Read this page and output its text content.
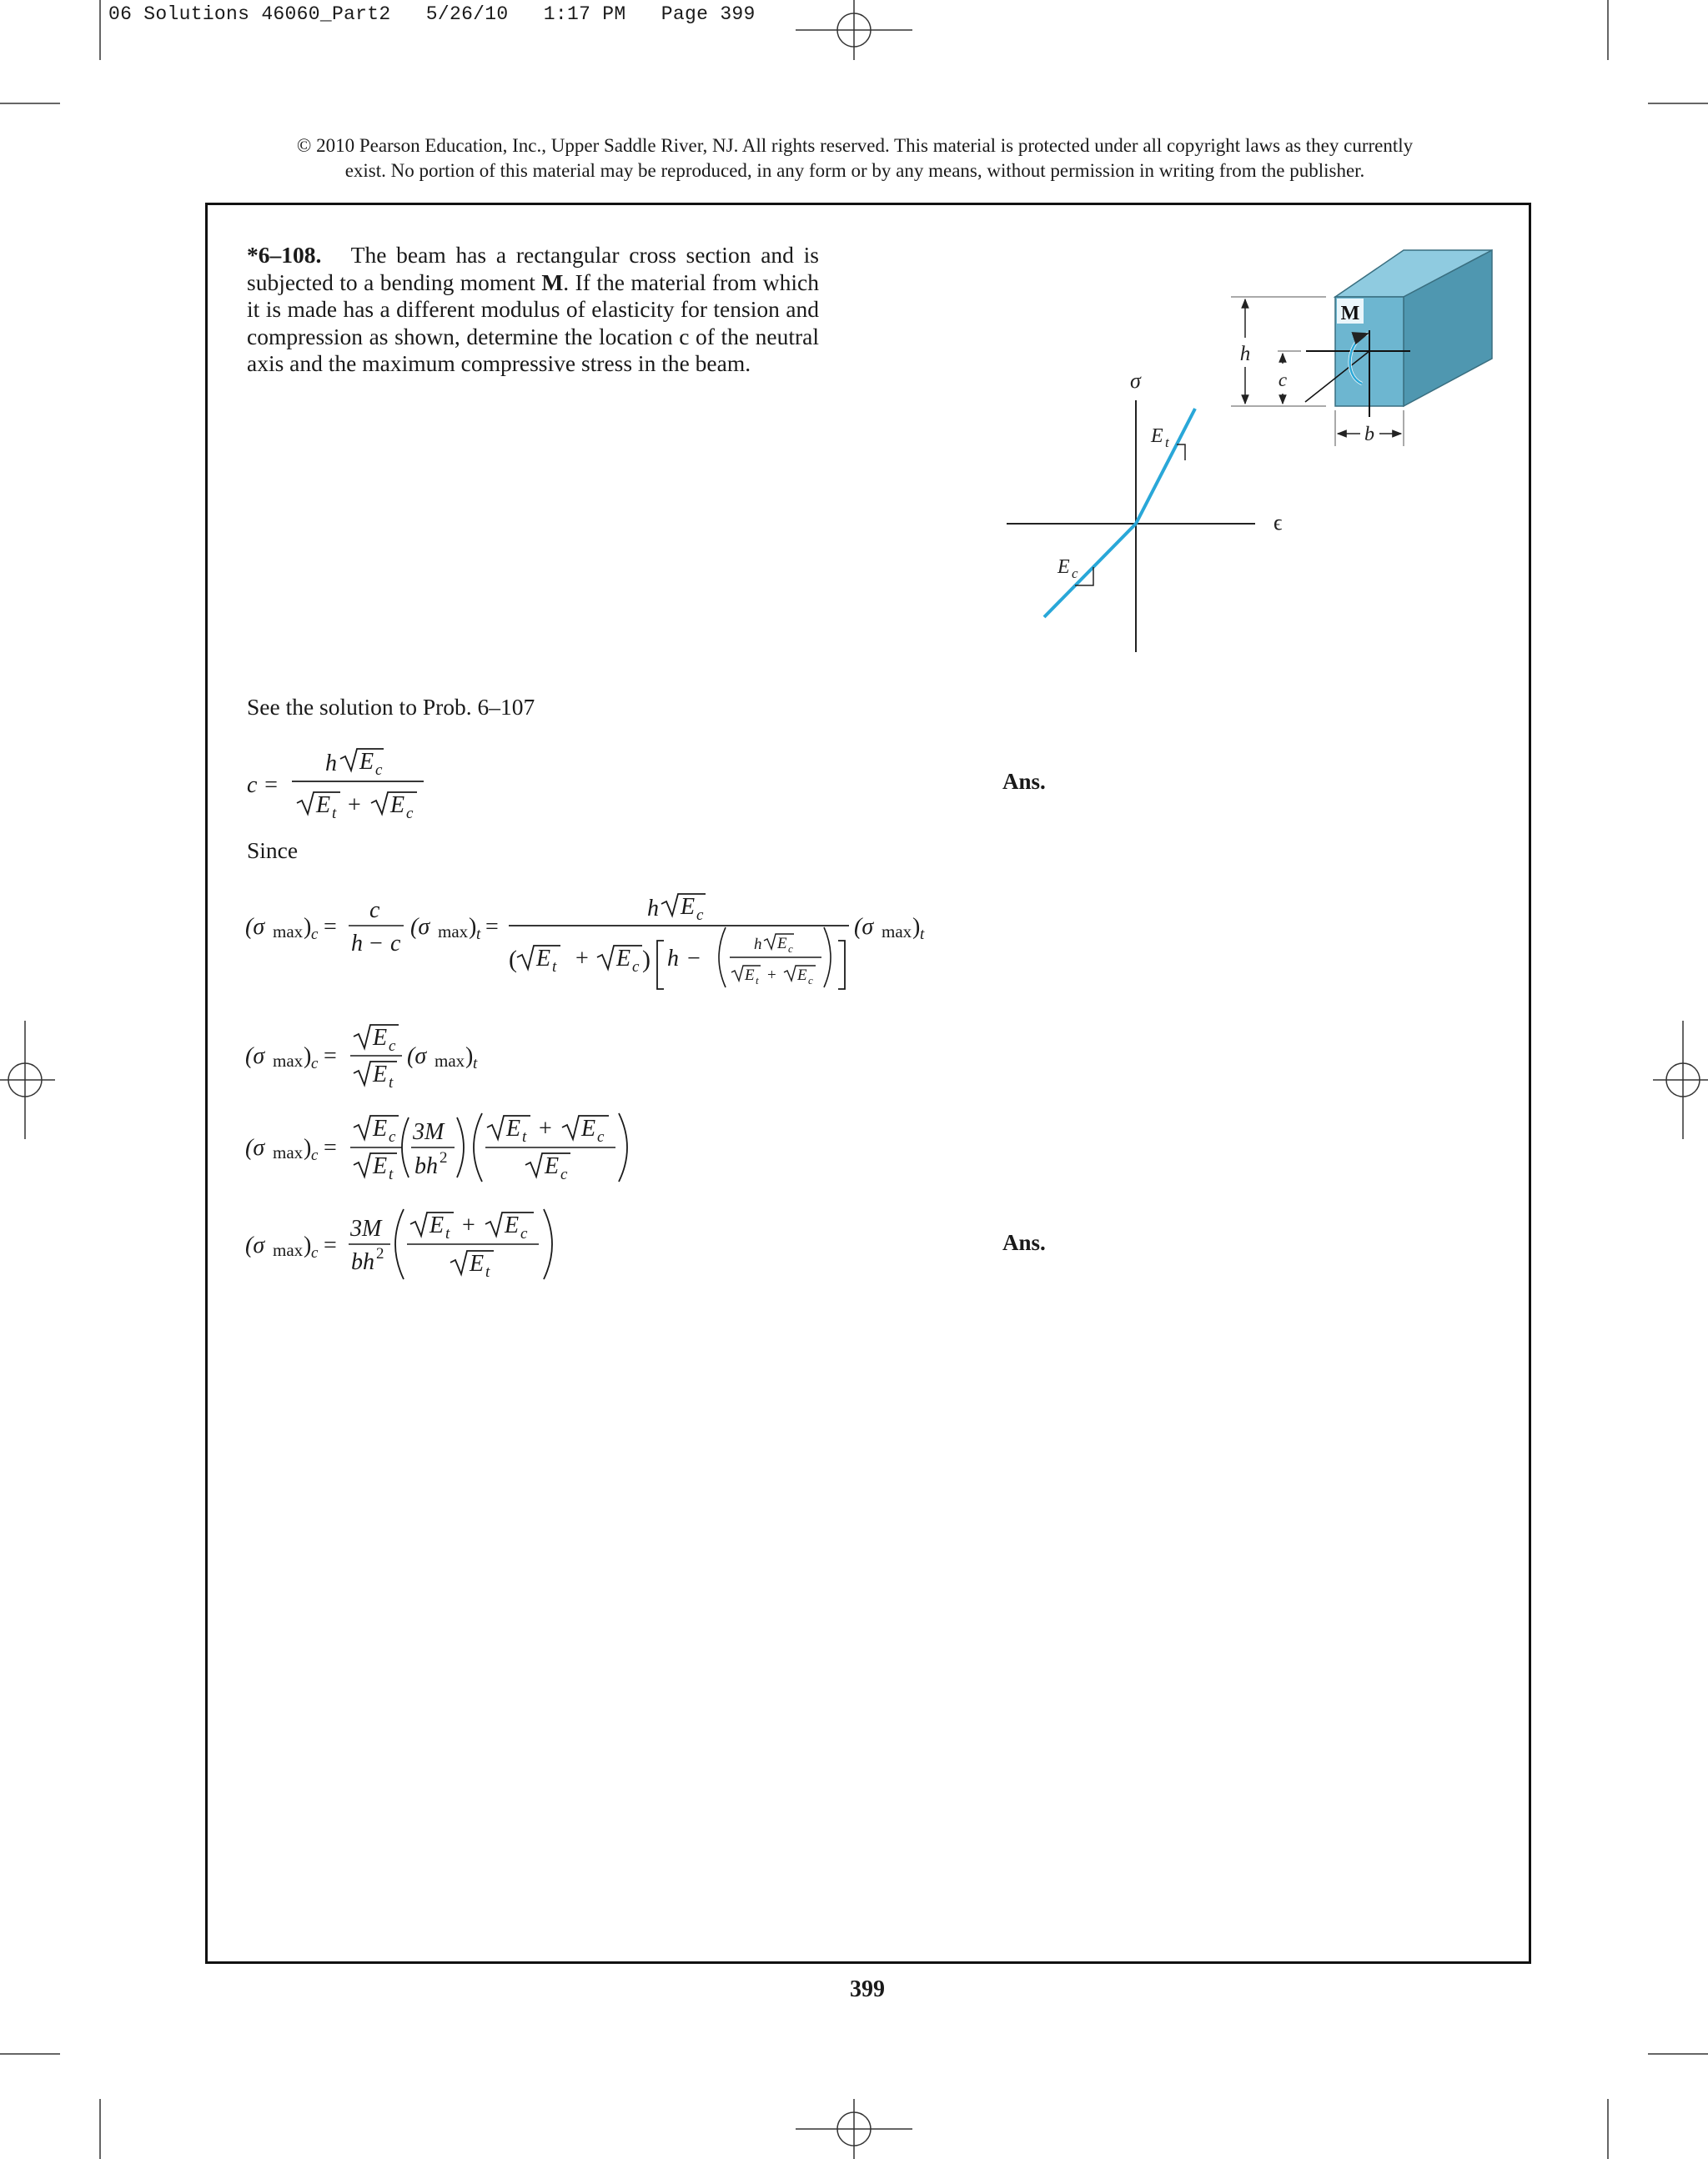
06 Solutions 46060_Part2   5/26/10   1:17 PM   Page 399
© 2010 Pearson Education, Inc., Upper Saddle River, NJ. All rights reserved. This material is protected under all copyright laws as they currently
exist. No portion of this material may be reproduced, in any form or by any means, without permission in writing from the publisher.
*6–108. The beam has a rectangular cross section and is subjected to a bending moment M. If the material from which it is made has a different modulus of elasticity for tension and compression as shown, determine the location c of the neutral axis and the maximum compressive stress in the beam.
See the solution to Prob. 6–107
Since
Ans.
Ans.
399
σ
ϵ
E t
E c
M
h
c
b
c =
h E c
E t + E c
(σ max ) c =
c
h − c
(σ max ) t =
h E c
( E t + E c ) h −
h E c
E t + E c
(σ max ) t
(σ max ) c =
E c
E t
(σ max ) t
(σ max ) c =
E c
E t
3M
bh 2
E t + E c
E c
(σ max ) c =
3M
bh 2
E t + E c
E t
